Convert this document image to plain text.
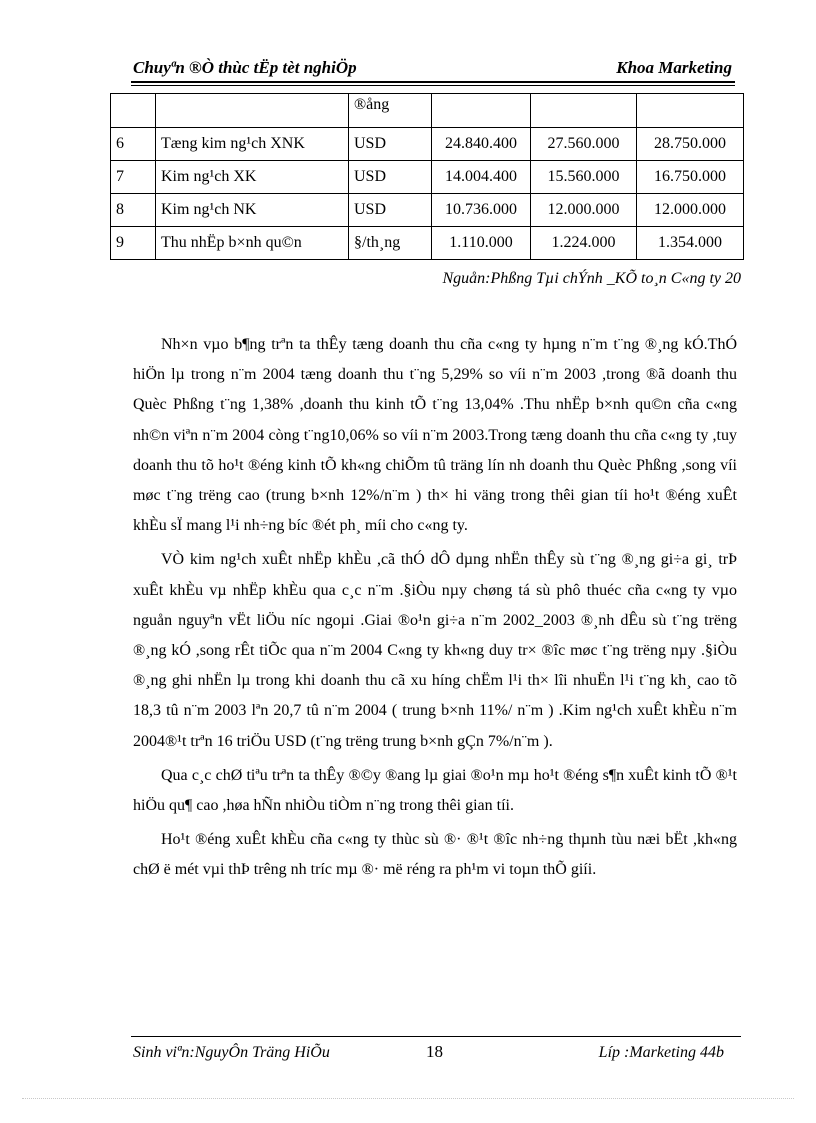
Chuyªn ®Ò thùc tËp tèt nghiÖp	Khoa Marketing
		®ång			
6	Tæng kim ng¹ch XNK	USD	24.840.400	27.560.000	28.750.000
7	Kim ng¹ch XK	USD	14.004.400	15.560.000	16.750.000
8	Kim ng¹ch NK	USD	10.736.000	12.000.000	12.000.000
9	Thu nhËp b×nh qu©n	§/th¸ng	1.110.000	1.224.000	1.354.000
Nguån:Phßng Tµi chÝnh _KÕ to¸n C«ng ty 20

Nh×n vµo b¶ng trªn ta thÊy tæng doanh thu cña c«ng ty hµng n¨m t¨ng ®¸ng kÓ.ThÓ hiÖn lµ trong n¨m 2004 tæng doanh thu t¨ng 5,29% so víi n¨m 2003 ,trong ®ã doanh thu Quèc Phßng t¨ng 1,38% ,doanh thu kinh tÕ t¨ng 13,04% .Thu nhËp b×nh qu©n cña c«ng nh©n viªn n¨m 2004 còng t¨ng10,06% so víi n¨m 2003.Trong tæng doanh thu cña c«ng ty ,tuy doanh thu tõ ho¹t ®éng kinh tÕ kh«ng chiÕm tû träng lín nh doanh thu Quèc Phßng ,song víi møc t¨ng trëng cao (trung b×nh 12%/n¨m ) th× hi väng trong thêi gian tíi ho¹t ®éng xuÊt khÈu sÏ mang l¹i nh÷ng bíc ®ét ph¸ míi cho c«ng ty.

VÒ kim ng¹ch xuÊt nhËp khÈu ,cã thÓ dÔ dµng nhËn thÊy sù t¨ng ®¸ng gi÷a gi¸ trÞ xuÊt khÈu vµ nhËp khÈu qua c¸c n¨m .§iÒu nµy chøng tá sù phô thuéc cña c«ng ty vµo nguån nguyªn vËt liÖu níc ngoµi .Giai ®o¹n gi÷a n¨m 2002_2003 ®¸nh dÊu sù t¨ng trëng ®¸ng kÓ ,song rÊt tiÕc qua n¨m 2004 C«ng ty kh«ng duy tr× ®îc møc t¨ng trëng nµy .§iÒu ®¸ng ghi nhËn lµ trong khi doanh thu cã xu híng chËm l¹i th× lîi nhuËn l¹i t¨ng kh¸ cao tõ 18,3 tû n¨m 2003 lªn 20,7 tû n¨m 2004 ( trung b×nh 11%/ n¨m ) .Kim ng¹ch xuÊt khÈu n¨m 2004®¹t trªn 16 triÖu USD (t¨ng trëng trung b×nh gÇn 7%/n¨m ).

Qua c¸c chØ tiªu trªn ta thÊy ®©y ®ang lµ giai ®o¹n mµ ho¹t ®éng s¶n xuÊt kinh tÕ ®¹t hiÖu qu¶ cao ,høa hÑn nhiÒu tiÒm n¨ng trong thêi gian tíi.

Ho¹t ®éng xuÊt khÈu cña c«ng ty thùc sù ®· ®¹t ®îc nh÷ng thµnh tùu næi bËt ,kh«ng chØ ë mét vµi thÞ trêng nh tríc mµ ®· më réng ra ph¹m vi toµn thÕ giíi.

Sinh viªn:NguyÔn Träng HiÕu	18	Líp :Marketing 44b
